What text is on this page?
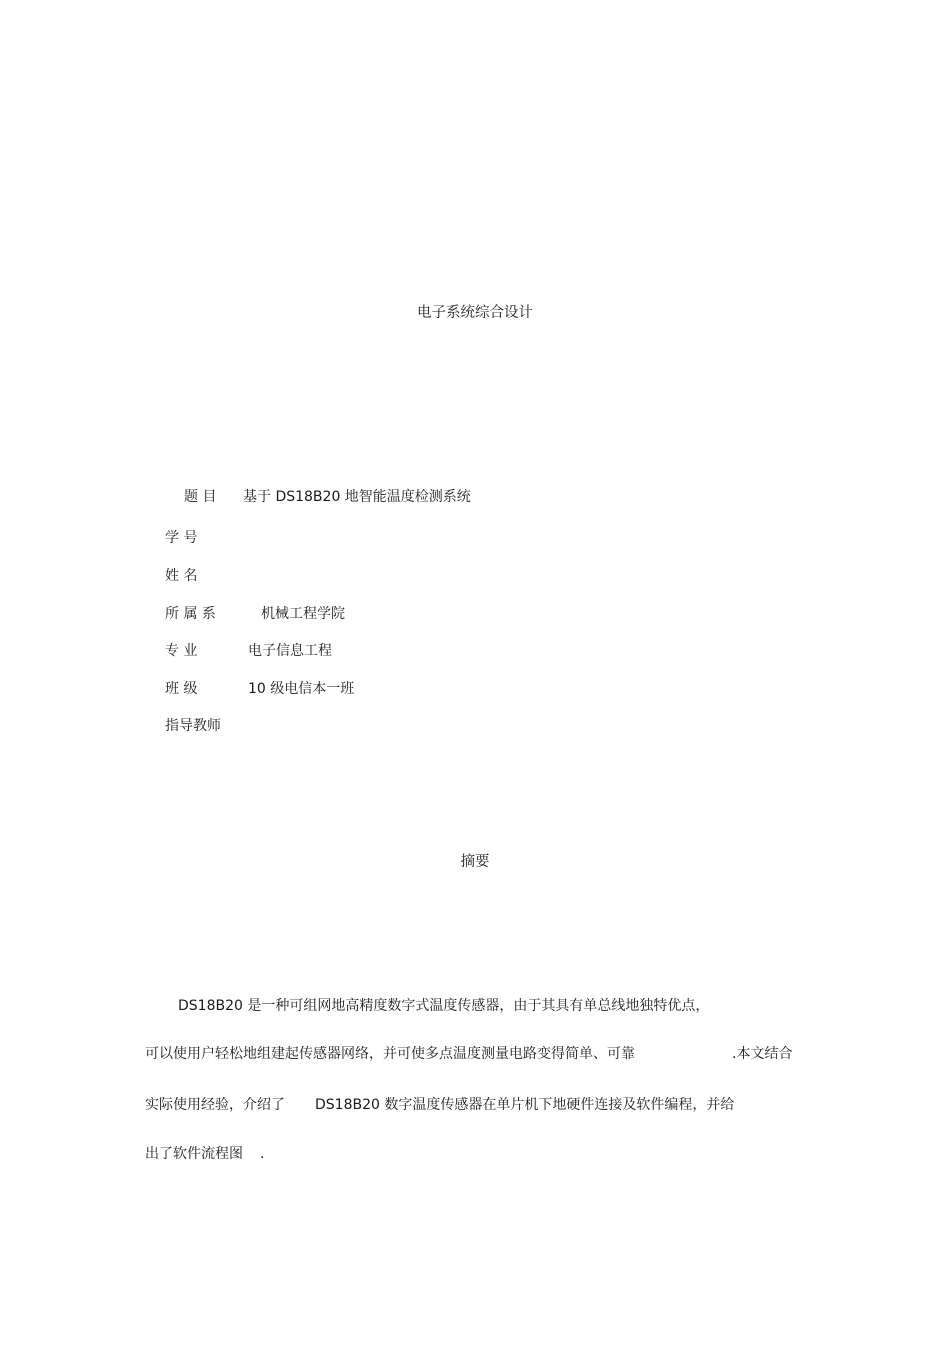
电子系统综合设计
题 目 基于 DS18B20 地智能温度检测系统
学 号
姓 名
所 属 系	机械工程学院
专 业	电子信息工程
班 级	10 级电信本一班
指导教师
摘要
DS18B20 是一种可组网地高精度数字式温度传感器，由于其具有单总线地独特优点，
可以使用户轻松地组建起传感器网络，并可使多点温度测量电路变得简单、可靠	.本文结合
实际使用经验，介绍了 DS18B20 数字温度传感器在单片机下地硬件连接及软件编程，并给
出了软件流程图 .
